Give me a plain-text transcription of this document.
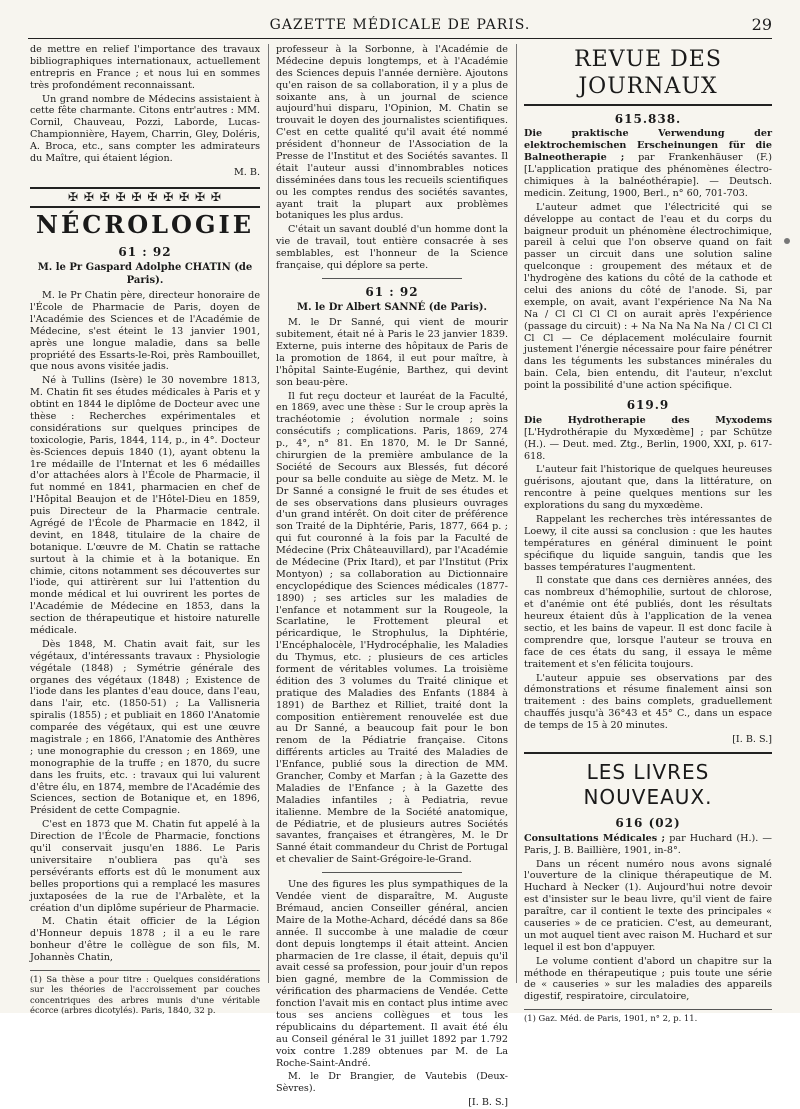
GAZETTE MÉDICALE DE PARIS.	29

de mettre en relief l'importance des travaux bibliographiques internationaux, actuellement entrepris en France ; et nous lui en sommes très profondément reconnaissant.

Un grand nombre de Médecins assistaient à cette fête charmante. Citons entr'autres : MM. Cornil, Chauveau, Pozzi, Laborde, Lucas-Championnière, Hayem, Charrin, Gley, Doléris, A. Broca, etc., sans compter les admirateurs du Maître, qui étaient légion.

M. B.

✠ ✠ ✠ ✠ ✠ ✠ ✠ ✠ ✠ ✠
NÉCROLOGIE
61 : 92
M. le Pr Gaspard Adolphe CHATIN (de Paris).

M. le Pr Chatin père, directeur honoraire de l'École de Pharmacie de Paris, doyen de l'Académie des Sciences et de l'Académie de Médecine, s'est éteint le 13 janvier 1901, après une longue maladie, dans sa belle propriété des Essarts-le-Roi, près Rambouillet, que nous avons visitée jadis.

Né à Tullins (Isère) le 30 novembre 1813, M. Chatin fit ses études médicales à Paris et y obtint en 1844 le diplôme de Docteur avec une thèse : Recherches expérimentales et considérations sur quelques principes de toxicologie, Paris, 1844, 114, p., in 4°. Docteur ès-Sciences depuis 1840 (1), ayant obtenu la 1re médaille de l'Internat et les 6 médailles d'or attachées alors à l'École de Pharmacie, il fut nommé en 1841, pharmacien en chef de l'Hôpital Beaujon et de l'Hôtel-Dieu en 1859, puis Directeur de la Pharmacie centrale. Agrégé de l'École de Pharmacie en 1842, il devint, en 1848, titulaire de la chaire de botanique. L'œuvre de M. Chatin se rattache surtout à la chimie et à la botanique. En chimie, citons notamment ses découvertes sur l'iode, qui attirèrent sur lui l'attention du monde médical et lui ouvrirent les portes de l'Académie de Médecine en 1853, dans la section de thérapeutique et histoire naturelle médicale.

Dès 1848, M. Chatin avait fait, sur les végétaux, d'intéressants travaux : Physiologie végétale (1848) ; Symétrie générale des organes des végétaux (1848) ; Existence de l'iode dans les plantes d'eau douce, dans l'eau, dans l'air, etc. (1850-51) ; La Vallisneria spiralis (1855) ; et publiait en 1860 l'Anatomie comparée des végétaux, qui est une œuvre magistrale ; en 1866, l'Anatomie des Anthères ; une monographie du cresson ; en 1869, une monographie de la truffe ; en 1870, du sucre dans les fruits, etc. : travaux qui lui valurent d'être élu, en 1874, membre de l'Académie des Sciences, section de Botanique et, en 1896, Président de cette Compagnie.

C'est en 1873 que M. Chatin fut appelé à la Direction de l'École de Pharmacie, fonctions qu'il conservait jusqu'en 1886. Le Paris universitaire n'oubliera pas qu'à ses persévérants efforts est dû le monument aux belles proportions qui a remplacé les masures juxtaposées de la rue de l'Arbalète, et la création d'un diplôme supérieur de Pharmacie.

M. Chatin était officier de la Légion d'Honneur depuis 1878 ; il a eu le rare bonheur d'être le collègue de son fils, M. Johannès Chatin,

(1) Sa thèse a pour titre : Quelques considérations sur les théories de l'accroissement par couches concentriques des arbres munis d'une véritable écorce (arbres dicotylés). Paris, 1840, 32 p.

professeur à la Sorbonne, à l'Académie de Médecine depuis longtemps, et à l'Académie des Sciences depuis l'année dernière. Ajoutons qu'en raison de sa collaboration, il y a plus de soixante ans, à un journal de science aujourd'hui disparu, l'Opinion, M. Chatin se trouvait le doyen des journalistes scientifiques. C'est en cette qualité qu'il avait été nommé président d'honneur de l'Association de la Presse de l'Institut et des Sociétés savantes. Il était l'auteur aussi d'innombrables notices disséminées dans tous les recueils scientifiques ou les comptes rendus des sociétés savantes, ayant trait la plupart aux problèmes botaniques les plus ardus.

C'était un savant doublé d'un homme dont la vie de travail, tout entière consacrée à ses semblables, est l'honneur de la Science française, qui déplore sa perte.

61 : 92
M. le Dr Albert SANNÉ (de Paris).

M. le Dr Sanné, qui vient de mourir subitement, était né à Paris le 23 janvier 1839. Externe, puis interne des hôpitaux de Paris de la promotion de 1864, il eut pour maître, à l'hôpital Sainte-Eugénie, Barthez, qui devint son beau-père.

Il fut reçu docteur et lauréat de la Faculté, en 1869, avec une thèse : Sur le croup après la trachéotomie ; évolution normale ; soins consécutifs ; complications. Paris, 1869, 274 p., 4°, n° 81. En 1870, M. le Dr Sanné, chirurgien de la première ambulance de la Société de Secours aux Blessés, fut décoré pour sa belle conduite au siège de Metz. M. le Dr Sanné a consigné le fruit de ses études et de ses observations dans plusieurs ouvrages d'un grand intérêt. On doit citer de préférence son Traité de la Diphtérie, Paris, 1877, 664 p. ; qui fut couronné à la fois par la Faculté de Médecine (Prix Châteauvillard), par l'Académie de Médecine (Prix Itard), et par l'Institut (Prix Montyon) ; sa collaboration au Dictionnaire encyclopédique des Sciences médicales (1877-1890) ; ses articles sur les maladies de l'enfance et notamment sur la Rougeole, la Scarlatine, le Frottement pleural et péricardique, le Strophulus, la Diphtérie, l'Encéphalocèle, l'Hydrocéphalie, les Maladies du Thymus, etc. ; plusieurs de ces articles forment de véritables volumes. La troisième édition des 3 volumes du Traité clinique et pratique des Maladies des Enfants (1884 à 1891) de Barthez et Rilliet, traité dont la composition entièrement renouvelée est due au Dr Sanné, a beaucoup fait pour le bon renom de la Pédiatrie française. Citons différents articles au Traité des Maladies de l'Enfance, publié sous la direction de MM. Grancher, Comby et Marfan ; à la Gazette des Maladies de l'Enfance ; à la Gazette des Maladies infantiles ; à Pediatria, revue italienne. Membre de la Société anatomique, de Pédiatrie, et de plusieurs autres Sociétés savantes, françaises et étrangères, M. le Dr Sanné était commandeur du Christ de Portugal et chevalier de Saint-Grégoire-le-Grand.

Une des figures les plus sympathiques de la Vendée vient de disparaître, M. Auguste Brémaud, ancien Conseiller général, ancien Maire de la Mothe-Achard, décédé dans sa 86e année. Il succombe à une maladie de cœur dont depuis longtemps il était atteint. Ancien pharmacien de 1re classe, il était, depuis qu'il avait cessé sa profession, pour jouir d'un repos bien gagné, membre de la Commission de vérification des pharmaciens de Vendée. Cette fonction l'avait mis en contact plus intime avec tous ses anciens collègues et tous les républicains du département. Il avait été élu au Conseil général le 31 juillet 1892 par 1.792 voix contre 1.289 obtenues par M. de La Roche-Saint-André.

M. le Dr Brangier, de Vautebis (Deux-Sèvres).

[I. B. S.]

REVUE DES JOURNAUX
615.838.

Die praktische Verwendung der elektrochemischen Erscheinungen für die Balneotherapie ; par Frankenhäuser (F.) [L'application pratique des phénomènes électro-chimiques à la balnéothérapie]. — Deutsch. medicin. Zeitung, 1900, Berl., n° 60, 701-703.

L'auteur admet que l'électricité qui se développe au contact de l'eau et du corps du baigneur produit un phénomène électrochimique, pareil à celui que l'on observe quand on fait passer un circuit dans une solution saline quelconque : groupement des métaux et de l'hydrogène des kations du côté de la cathode et celui des anions du côté de l'anode. Si, par exemple, on avait, avant l'expérience Na Na Na Na / Cl Cl Cl Cl on aurait après l'expérience (passage du circuit) : + Na Na Na Na Na / Cl Cl Cl Cl Cl — Ce déplacement moléculaire fournit justement l'énergie nécessaire pour faire pénétrer dans les téguments les substances minérales du bain. Cela, bien entendu, dit l'auteur, n'exclut point la possibilité d'une action spécifique.

619.9

Die Hydrotherapie des Myxodems [L'Hydrothérapie du Myxœdème] ; par Schütze (H.). — Deut. med. Ztg., Berlin, 1900, XXI, p. 617-618.

L'auteur fait l'historique de quelques heureuses guérisons, ajoutant que, dans la littérature, on rencontre à peine quelques mentions sur les explorations du sang du myxœdème.

Rappelant les recherches très intéressantes de Loewy, il cite aussi sa conclusion : que les hautes températures en général diminuent le point spécifique du liquide sanguin, tandis que les basses températures l'augmentent.

Il constate que dans ces dernières années, des cas nombreux d'hémophilie, surtout de chlorose, et d'anémie ont été publiés, dont les résultats heureux étaient dûs à l'application de la venea sectio, et les bains de vapeur. Il est donc facile à comprendre que, lorsque l'auteur se trouva en face de ces états du sang, il essaya le même traitement et s'en félicita toujours.

L'auteur appuie ses observations par des démonstrations et résume finalement ainsi son traitement : des bains complets, graduellement chauffés jusqu'à 36°43 et 45° C., dans un espace de temps de 15 à 20 minutes.

[I. B. S.]

LES LIVRES NOUVEAUX.
616 (02)

Consultations Médicales ; par Huchard (H.). — Paris, J. B. Baillière, 1901, in-8°.

Dans un récent numéro nous avons signalé l'ouverture de la clinique thérapeutique de M. Huchard à Necker (1). Aujourd'hui notre devoir est d'insister sur le beau livre, qu'il vient de faire paraître, car il contient le texte des principales « causeries » de ce praticien. C'est, au demeurant, un mot auquel tient avec raison M. Huchard et sur lequel il est bon d'appuyer.

Le volume contient d'abord un chapitre sur la méthode en thérapeutique ; puis toute une série de « causeries » sur les maladies des appareils digestif, respiratoire, circulatoire,

(1) Gaz. Méd. de Paris, 1901, n° 2, p. 11.
